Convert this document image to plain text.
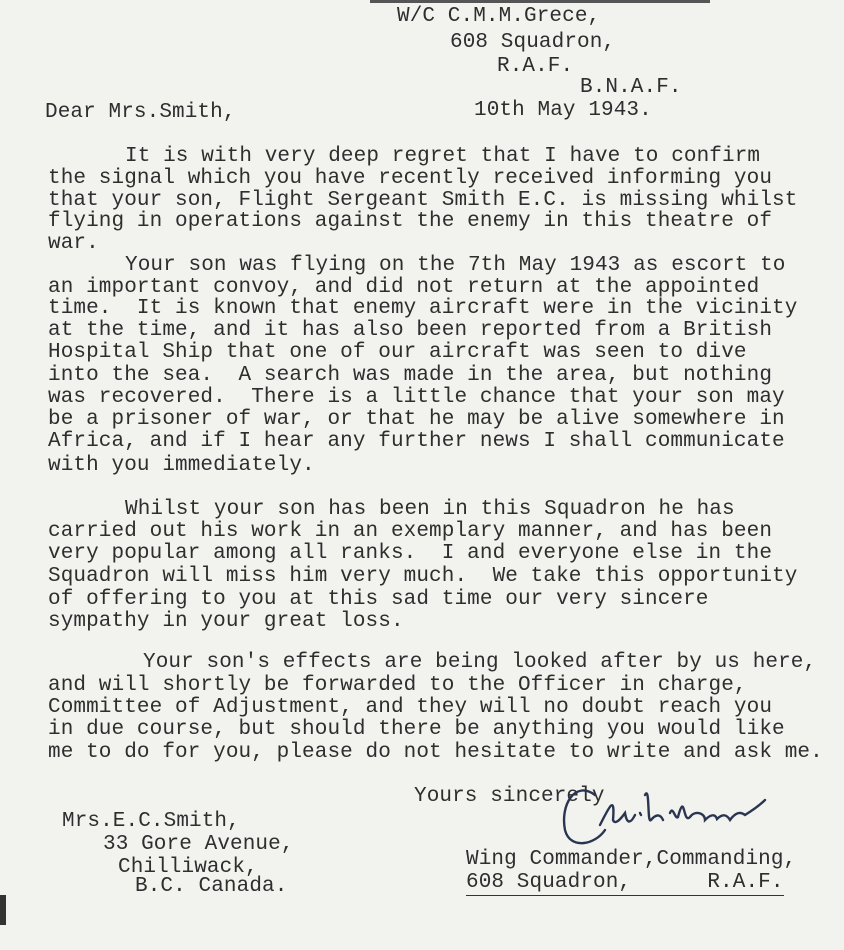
W/C C.M.M.Grece,
608 Squadron,
R.A.F.
B.N.A.F.
10th May 1943.
Dear Mrs.Smith,
It is with very deep regret that I have to confirm
the signal which you have recently received informing you
that your son, Flight Sergeant Smith E.C. is missing whilst
flying in operations against the enemy in this theatre of
war.
Your son was flying on the 7th May 1943 as escort to
an important convoy, and did not return at the appointed
time.  It is known that enemy aircraft were in the vicinity
at the time, and it has also been reported from a British
Hospital Ship that one of our aircraft was seen to dive
into the sea.  A search was made in the area, but nothing
was recovered.  There is a little chance that your son may
be a prisoner of war, or that he may be alive somewhere in
Africa, and if I hear any further news I shall communicate
with you immediately.
Whilst your son has been in this Squadron he has
carried out his work in an exemplary manner, and has been
very popular among all ranks.  I and everyone else in the
Squadron will miss him very much.  We take this opportunity
of offering to you at this sad time our very sincere
sympathy in your great loss.
Your son's effects are being looked after by us here,
and will shortly be forwarded to the Officer in charge,
Committee of Adjustment, and they will no doubt reach you
in due course, but should there be anything you would like
me to do for you, please do not hesitate to write and ask me.
Yours sincerely
Wing Commander,Commanding,
608 Squadron,      R.A.F.
Mrs.E.C.Smith,
33 Gore Avenue,
Chilliwack,
B.C. Canada.
